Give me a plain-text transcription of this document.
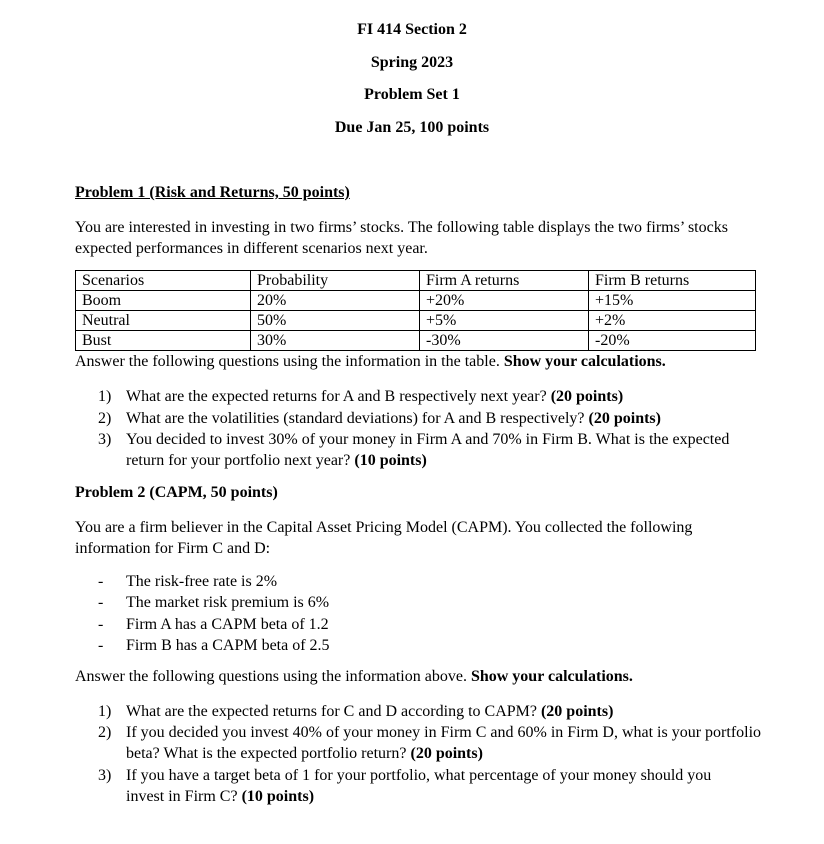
FI 414 Section 2
Spring 2023
Problem Set 1
Due Jan 25, 100 points
Problem 1 (Risk and Returns, 50 points)
You are interested in investing in two firms’ stocks. The following table displays the two firms’ stocks expected performances in different scenarios next year.
Scenarios	Probability	Firm A returns	Firm B returns
Boom	20%	+20%	+15%
Neutral	50%	+5%	+2%
Bust	30%	-30%	-20%
Answer the following questions using the information in the table. Show your calculations.
1) What are the expected returns for A and B respectively next year? (20 points)
2) What are the volatilities (standard deviations) for A and B respectively? (20 points)
3) You decided to invest 30% of your money in Firm A and 70% in Firm B. What is the expected return for your portfolio next year? (10 points)
Problem 2 (CAPM, 50 points)
You are a firm believer in the Capital Asset Pricing Model (CAPM). You collected the following information for Firm C and D:
- The risk-free rate is 2%
- The market risk premium is 6%
- Firm A has a CAPM beta of 1.2
- Firm B has a CAPM beta of 2.5
Answer the following questions using the information above. Show your calculations.
1) What are the expected returns for C and D according to CAPM? (20 points)
2) If you decided you invest 40% of your money in Firm C and 60% in Firm D, what is your portfolio beta? What is the expected portfolio return? (20 points)
3) If you have a target beta of 1 for your portfolio, what percentage of your money should you invest in Firm C? (10 points)
